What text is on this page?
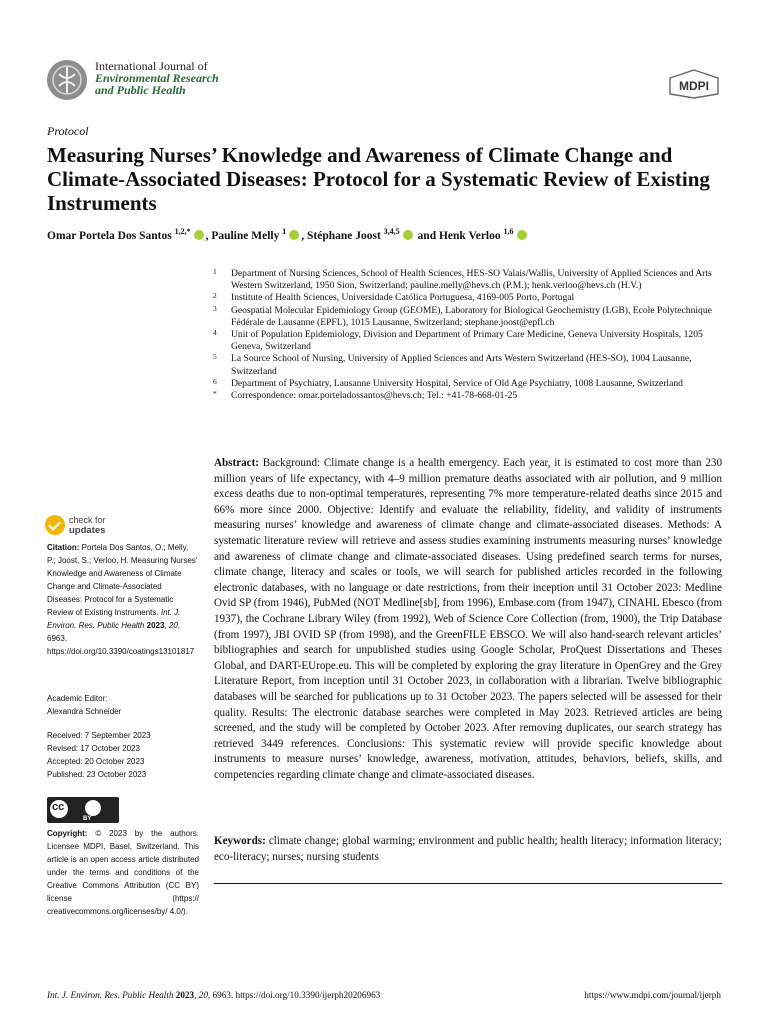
International Journal of
Environmental Research
and Public Health	MDPI
Protocol
Measuring Nurses’ Knowledge and Awareness of Climate Change and Climate-Associated Diseases: Protocol for a Systematic Review of Existing Instruments
Omar Portela Dos Santos $^{1,2,*}$ , Pauline Melly $^1$ , Stéphane Joost $^{3,4,5}$ and Henk Verloo $^{1,6}$
1 Department of Nursing Sciences, School of Health Sciences, HES-SO Valais/Wallis, University of Applied Sciences and Arts Western Switzerland, 1950 Sion, Switzerland; pauline.melly@hevs.ch (P.M.); henk.verloo@hevs.ch (H.V.)
2 Institute of Health Sciences, Universidade Católica Portuguesa, 4169-005 Porto, Portugal
3 Geospatial Molecular Epidemiology Group (GEOME), Laboratory for Biological Geochemistry (LGB), Ecole Polytechnique Fédérale de Lausanne (EPFL), 1015 Lausanne, Switzerland; stephane.joost@epfl.ch
4 Unit of Population Epidemiology, Division and Department of Primary Care Medicine, Geneva University Hospitals, 1205 Geneva, Switzerland
5 La Source School of Nursing, University of Applied Sciences and Arts Western Switzerland (HES-SO), 1004 Lausanne, Switzerland
6 Department of Psychiatry, Lausanne University Hospital, Service of Old Age Psychiatry, 1008 Lausanne, Switzerland
* Correspondence: omar.porteladossantos@hevs.ch; Tel.: +41-78-668-01-25
Abstract: Background: Climate change is a health emergency. Each year, it is estimated to cost more than 230 million years of life expectancy, with 4–9 million premature deaths associated with air pollution, and 9 million excess deaths due to non-optimal temperatures, representing 7% more temperature-related deaths since 2015 and 66% more since 2000. Objective: Identify and evaluate the reliability, fidelity, and validity of instruments measuring nurses’ knowledge and awareness of climate change and climate-associated diseases. Methods: A systematic literature review will retrieve and assess studies examining instruments measuring nurses’ knowledge and awareness of climate change and climate-associated diseases. Using predefined search terms for nurses, climate change, literacy and scales or tools, we will search for published articles recorded in the following electronic databases, with no language or date restrictions, from their inception until 31 October 2023: Medline Ovid SP (from 1946), PubMed (NOT Medline[sb], from 1996), Embase.com (from 1947), CINAHL Ebesco (from 1937), the Cochrane Library Wiley (from 1992), Web of Science Core Collection (from, 1900), the Trip Database (from 1997), JBI OVID SP (from 1998), and the GreenFILE EBSCO. We will also hand-search relevant articles’ bibliographies and search for unpublished studies using Google Scholar, ProQuest Dissertations and Theses Global, and DART-EUrope.eu. This will be completed by exploring the gray literature in OpenGrey and the Grey Literature Report, from inception until 31 October 2023, in collaboration with a librarian. Twelve bibliographic databases will be searched for publications up to 31 October 2023. The papers selected will be assessed for their quality. Results: The electronic database searches were completed in May 2023. Retrieved articles are being screened, and the study will be completed by October 2023. After removing duplicates, our search strategy has retrieved 3449 references. Conclusions: This systematic review will provide specific knowledge about instruments to measure nurses’ knowledge, awareness, motivation, attitudes, behaviors, beliefs, skills, and competencies regarding climate change and climate-associated diseases.
Keywords: climate change; global warming; environment and public health; health literacy; information literacy; eco-literacy; nurses; nursing students
check for
updates
Citation: Portela Dos Santos, O.; Melly, P.; Joost, S.; Verloo, H. Measuring Nurses’ Knowledge and Awareness of Climate Change and Climate-Associated Diseases: Protocol for a Systematic Review of Existing Instruments. Int. J. Environ. Res. Public Health 2023, 20, 6963. https://doi.org/10.3390/coatings13101817
Academic Editor:
Alexandra Schneider
Received: 7 September 2023
Revised: 17 October 2023
Accepted: 20 October 2023
Published: 23 October 2023
cc
BY
Copyright: © 2023 by the authors. Licensee MDPI, Basel, Switzerland. This article is an open access article distributed under the terms and conditions of the Creative Commons Attribution (CC BY) license (https:// creativecommons.org/licenses/by/ 4.0/).
Int. J. Environ. Res. Public Health 2023, 20, 6963. https://doi.org/10.3390/ijerph20206963	https://www.mdpi.com/journal/ijerph
